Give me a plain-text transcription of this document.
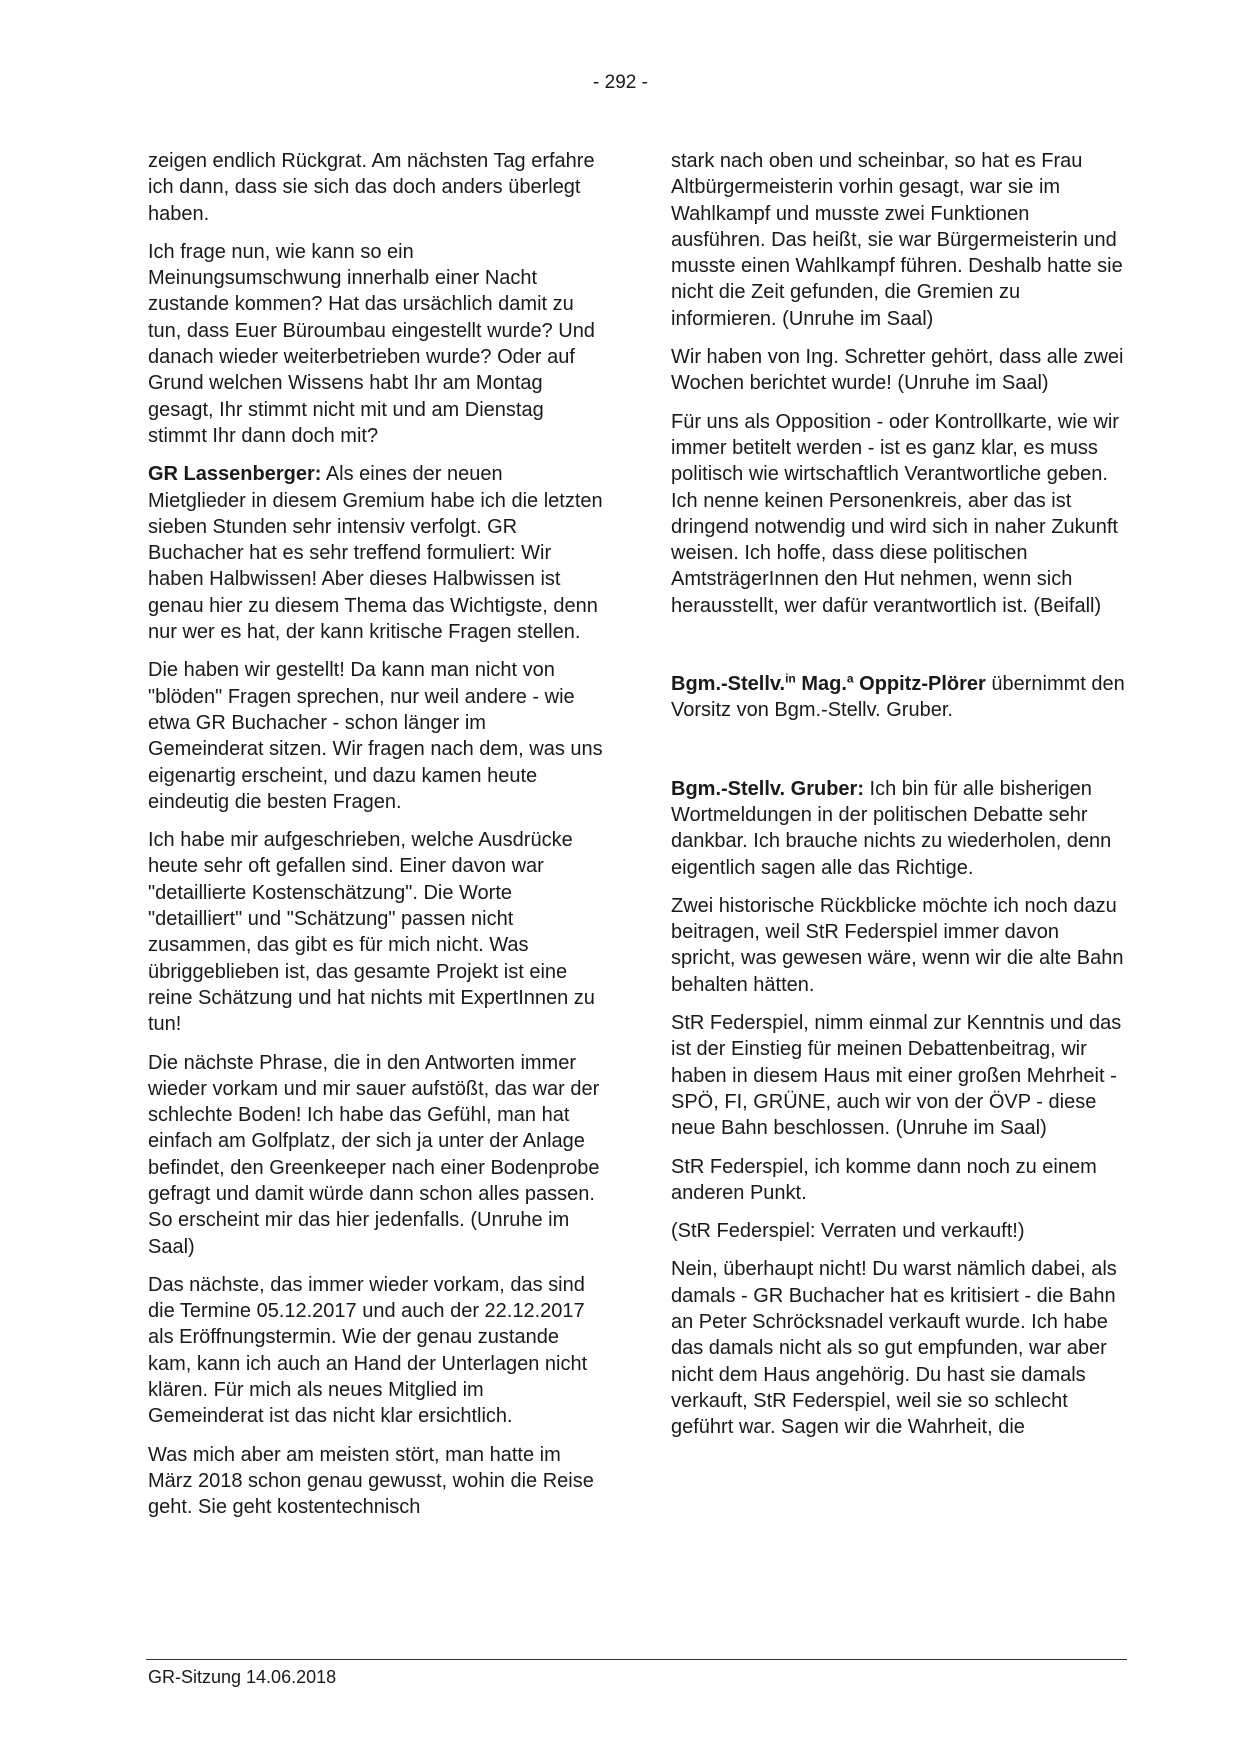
- 292 -

zeigen endlich Rückgrat. Am nächsten Tag erfahre ich dann, dass sie sich das doch anders überlegt haben.

Ich frage nun, wie kann so ein Meinungsumschwung innerhalb einer Nacht zustande kommen? Hat das ursächlich damit zu tun, dass Euer Büroumbau eingestellt wurde? Und danach wieder weiterbetrieben wurde? Oder auf Grund welchen Wissens habt Ihr am Montag gesagt, Ihr stimmt nicht mit und am Dienstag stimmt Ihr dann doch mit?

GR Lassenberger: Als eines der neuen Mietglieder in diesem Gremium habe ich die letzten sieben Stunden sehr intensiv verfolgt. GR Buchacher hat es sehr treffend formuliert: Wir haben Halbwissen! Aber dieses Halbwissen ist genau hier zu diesem Thema das Wichtigste, denn nur wer es hat, der kann kritische Fragen stellen.

Die haben wir gestellt! Da kann man nicht von "blöden" Fragen sprechen, nur weil andere - wie etwa GR Buchacher - schon länger im Gemeinderat sitzen. Wir fragen nach dem, was uns eigenartig erscheint, und dazu kamen heute eindeutig die besten Fragen.

Ich habe mir aufgeschrieben, welche Ausdrücke heute sehr oft gefallen sind. Einer davon war "detaillierte Kostenschätzung". Die Worte "detailliert" und "Schätzung" passen nicht zusammen, das gibt es für mich nicht. Was übriggeblieben ist, das gesamte Projekt ist eine reine Schätzung und hat nichts mit ExpertInnen zu tun!

Die nächste Phrase, die in den Antworten immer wieder vorkam und mir sauer aufstößt, das war der schlechte Boden! Ich habe das Gefühl, man hat einfach am Golfplatz, der sich ja unter der Anlage befindet, den Greenkeeper nach einer Bodenprobe gefragt und damit würde dann schon alles passen. So erscheint mir das hier jedenfalls. (Unruhe im Saal)

Das nächste, das immer wieder vorkam, das sind die Termine 05.12.2017 und auch der 22.12.2017 als Eröffnungstermin. Wie der genau zustande kam, kann ich auch an Hand der Unterlagen nicht klären. Für mich als neues Mitglied im Gemeinderat ist das nicht klar ersichtlich.

Was mich aber am meisten stört, man hatte im März 2018 schon genau gewusst, wohin die Reise geht. Sie geht kostentechnisch

stark nach oben und scheinbar, so hat es Frau Altbürgermeisterin vorhin gesagt, war sie im Wahlkampf und musste zwei Funktionen ausführen. Das heißt, sie war Bürgermeisterin und musste einen Wahlkampf führen. Deshalb hatte sie nicht die Zeit gefunden, die Gremien zu informieren. (Unruhe im Saal)

Wir haben von Ing. Schretter gehört, dass alle zwei Wochen berichtet wurde! (Unruhe im Saal)

Für uns als Opposition - oder Kontrollkarte, wie wir immer betitelt werden - ist es ganz klar, es muss politisch wie wirtschaftlich Verantwortliche geben. Ich nenne keinen Personenkreis, aber das ist dringend notwendig und wird sich in naher Zukunft weisen. Ich hoffe, dass diese politischen AmtsträgerInnen den Hut nehmen, wenn sich herausstellt, wer dafür verantwortlich ist. (Beifall)

Bgm.-Stellv.$^{in}$ Mag.$^a$ Oppitz-Plörer übernimmt den Vorsitz von Bgm.-Stellv. Gruber.

Bgm.-Stellv. Gruber: Ich bin für alle bisherigen Wortmeldungen in der politischen Debatte sehr dankbar. Ich brauche nichts zu wiederholen, denn eigentlich sagen alle das Richtige.

Zwei historische Rückblicke möchte ich noch dazu beitragen, weil StR Federspiel immer davon spricht, was gewesen wäre, wenn wir die alte Bahn behalten hätten.

StR Federspiel, nimm einmal zur Kenntnis und das ist der Einstieg für meinen Debattenbeitrag, wir haben in diesem Haus mit einer großen Mehrheit - SPÖ, FI, GRÜNE, auch wir von der ÖVP - diese neue Bahn beschlossen. (Unruhe im Saal)

StR Federspiel, ich komme dann noch zu einem anderen Punkt.

(StR Federspiel: Verraten und verkauft!)

Nein, überhaupt nicht! Du warst nämlich dabei, als damals - GR Buchacher hat es kritisiert - die Bahn an Peter Schröcksnadel verkauft wurde. Ich habe das damals nicht als so gut empfunden, war aber nicht dem Haus angehörig. Du hast sie damals verkauft, StR Federspiel, weil sie so schlecht geführt war. Sagen wir die Wahrheit, die

GR-Sitzung 14.06.2018
